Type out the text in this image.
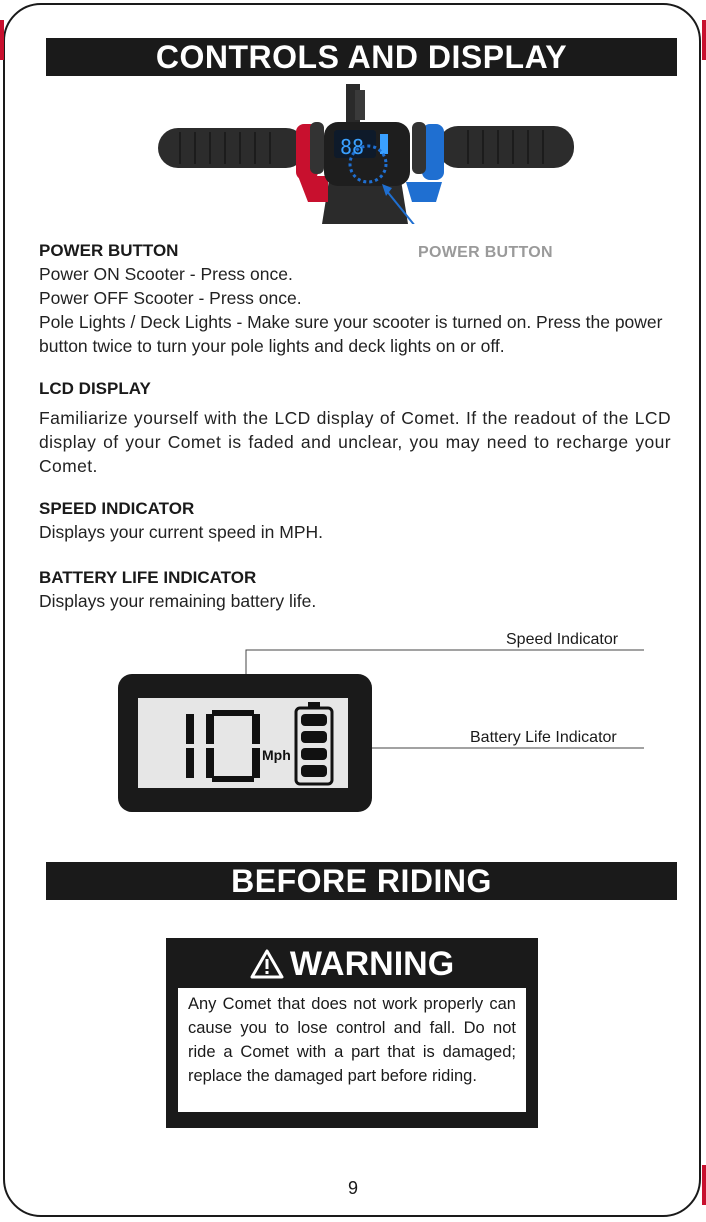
CONTROLS AND DISPLAY
88
POWER BUTTON
POWER BUTTON

Power ON Scooter - Press once.

Power OFF Scooter - Press once.

Pole Lights / Deck Lights - Make sure your scooter is turned on. Press the power button twice to turn your pole lights and deck lights on or off.

LCD DISPLAY

Familiarize yourself with the LCD display of Comet. If the readout of the LCD display of your Comet is faded and unclear, you may need to recharge your Comet.

SPEED INDICATOR

Displays your current speed in MPH.

BATTERY LIFE INDICATOR

Displays your remaining battery life.

Mph
Speed Indicator
Battery Life Indicator
BEFORE RIDING
WARNING

Any Comet that does not work properly can cause you to lose control and fall. Do not ride a Comet with a part that is damaged; replace the damaged part before riding.

9
